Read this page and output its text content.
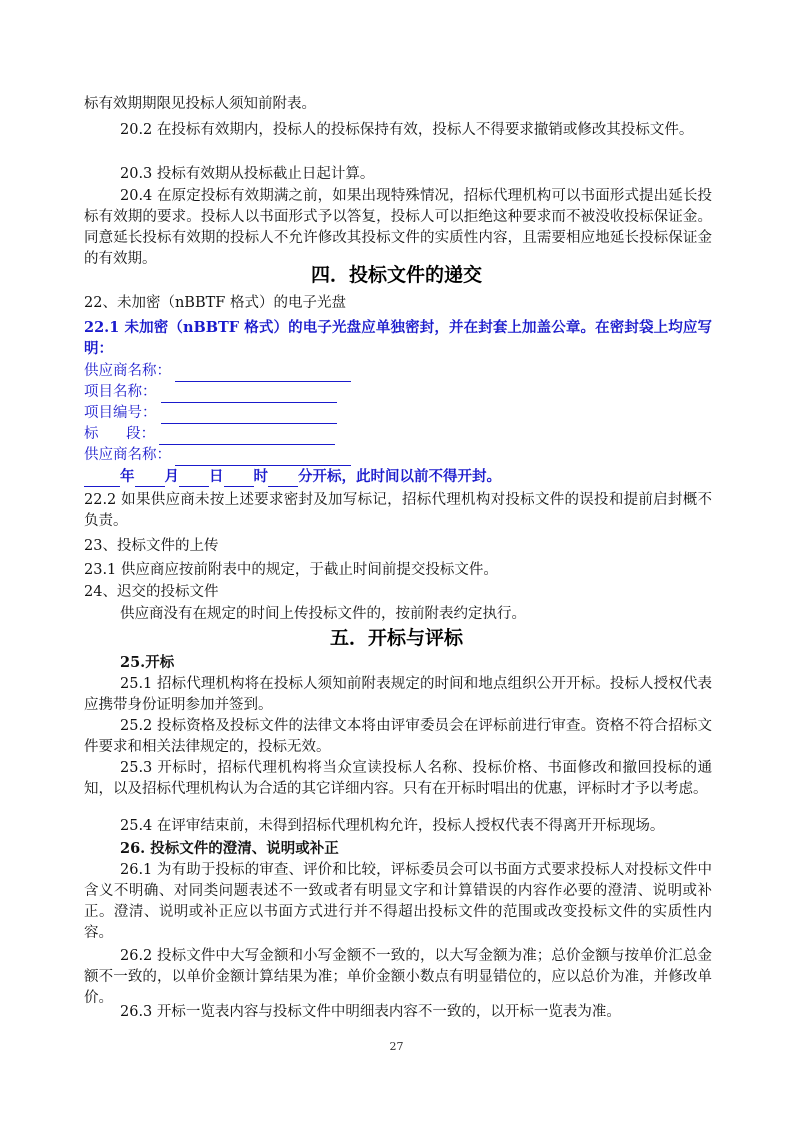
标有效期期限见投标人须知前附表。

20.2 在投标有效期内，投标人的投标保持有效，投标人不得要求撤销或修改其投标文件。

20.3 投标有效期从投标截止日起计算。

20.4 在原定投标有效期满之前，如果出现特殊情况，招标代理机构可以书面形式提出延长投标有效期的要求。投标人以书面形式予以答复，投标人可以拒绝这种要求而不被没收投标保证金。同意延长投标有效期的投标人不允许修改其投标文件的实质性内容，且需要相应地延长投标保证金的有效期。

四．投标文件的递交

22、未加密（nBBTF 格式）的电子光盘

22.1 未加密（nBBTF 格式）的电子光盘应单独密封，并在封套上加盖公章。在密封袋上均应写明：

供应商名称：
项目名称：
项目编号：
标      段：
供应商名称：
年 月 日 时 分开标，此时间以前不得开封。

22.2 如果供应商未按上述要求密封及加写标记，招标代理机构对投标文件的误投和提前启封概不负责。

23、投标文件的上传

23.1 供应商应按前附表中的规定，于截止时间前提交投标文件。

24、迟交的投标文件

供应商没有在规定的时间上传投标文件的，按前附表约定执行。

五．开标与评标

25.开标

25.1 招标代理机构将在投标人须知前附表规定的时间和地点组织公开开标。投标人授权代表应携带身份证明参加并签到。

25.2 投标资格及投标文件的法律文本将由评审委员会在评标前进行审查。资格不符合招标文件要求和相关法律规定的，投标无效。

25.3 开标时，招标代理机构将当众宣读投标人名称、投标价格、书面修改和撤回投标的通知，以及招标代理机构认为合适的其它详细内容。只有在开标时唱出的优惠，评标时才予以考虑。

25.4 在评审结束前，未得到招标代理机构允许，投标人授权代表不得离开开标现场。

26. 投标文件的澄清、说明或补正

26.1 为有助于投标的审查、评价和比较，评标委员会可以书面方式要求投标人对投标文件中含义不明确、对同类问题表述不一致或者有明显文字和计算错误的内容作必要的澄清、说明或补正。澄清、说明或补正应以书面方式进行并不得超出投标文件的范围或改变投标文件的实质性内容。

26.2 投标文件中大写金额和小写金额不一致的，以大写金额为准；总价金额与按单价汇总金额不一致的，以单价金额计算结果为准；单价金额小数点有明显错位的，应以总价为准，并修改单价。

26.3 开标一览表内容与投标文件中明细表内容不一致的，以开标一览表为准。

27
